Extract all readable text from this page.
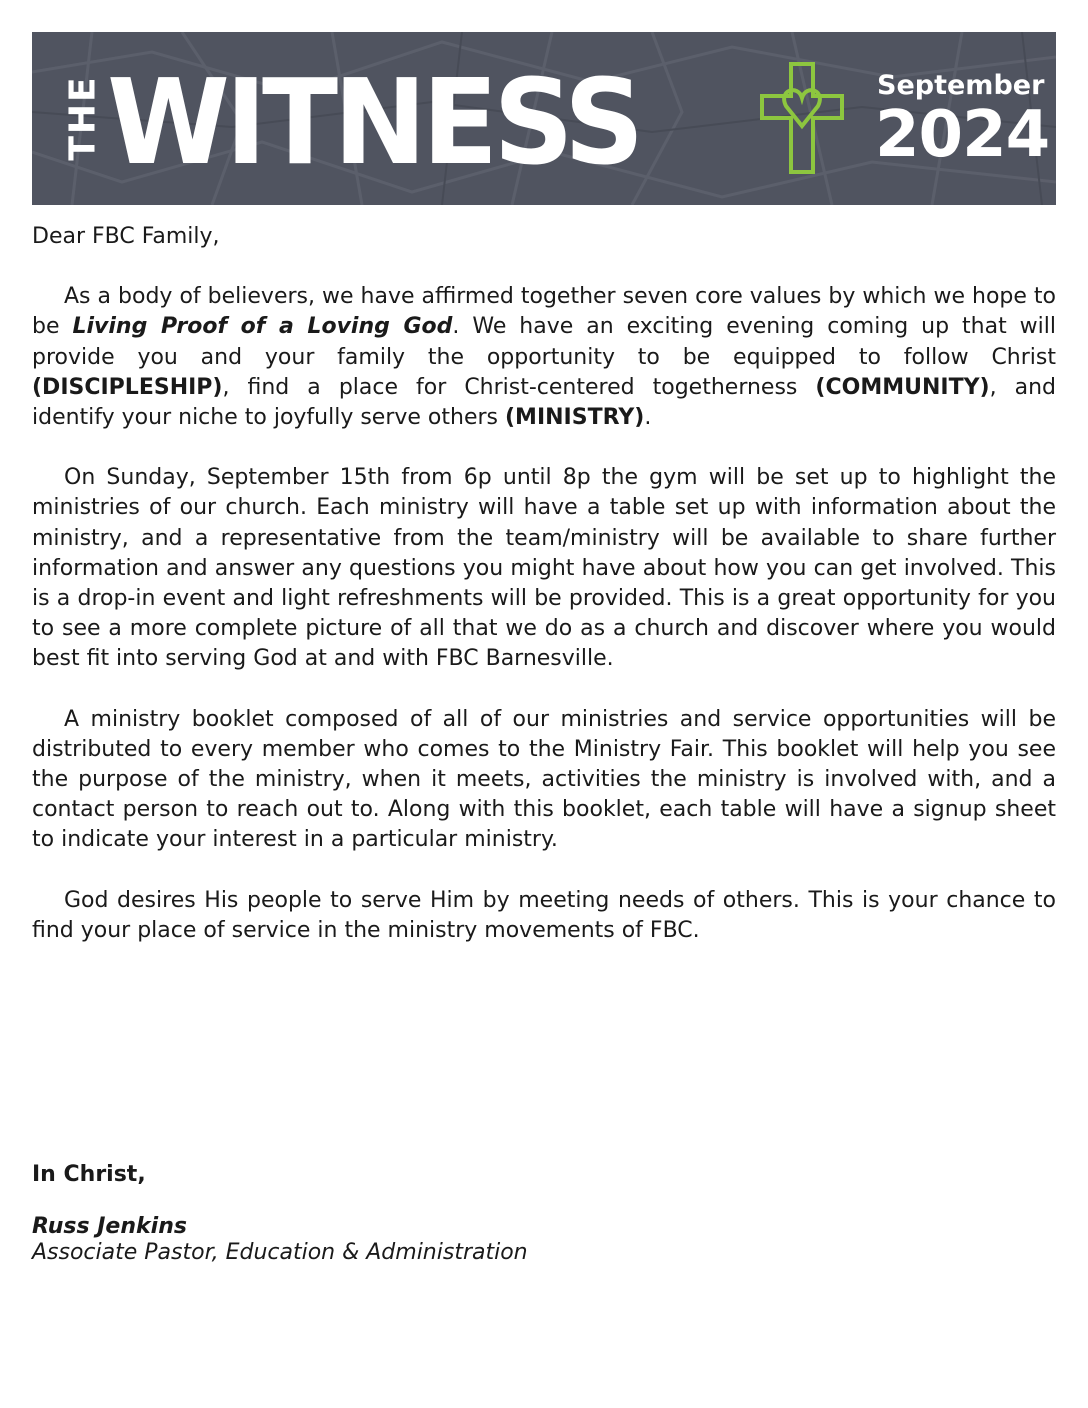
THE WITNESS	September
2024

Dear FBC Family,

As a body of believers, we have affirmed together seven core values by which we hope to be Living Proof of a Loving God. We have an exciting evening coming up that will provide you and your family the opportunity to be equipped to follow Christ (DISCIPLESHIP), find a place for Christ-centered togetherness (COMMUNITY), and identify your niche to joyfully serve others (MINISTRY).

On Sunday, September 15th from 6p until 8p the gym will be set up to highlight the ministries of our church. Each ministry will have a table set up with information about the ministry, and a representative from the team/ministry will be available to share further information and answer any questions you might have about how you can get involved. This is a drop-in event and light refreshments will be provided. This is a great opportunity for you to see a more complete picture of all that we do as a church and discover where you would best fit into serving God at and with FBC Barnesville.

A ministry booklet composed of all of our ministries and service opportunities will be distributed to every member who comes to the Ministry Fair. This booklet will help you see the purpose of the ministry, when it meets, activities the ministry is involved with, and a contact person to reach out to. Along with this booklet, each table will have a signup sheet to indicate your interest in a particular ministry.

God desires His people to serve Him by meeting needs of others. This is your chance to find your place of service in the ministry movements of FBC.

In Christ,

Russ Jenkins

Associate Pastor, Education & Administration
